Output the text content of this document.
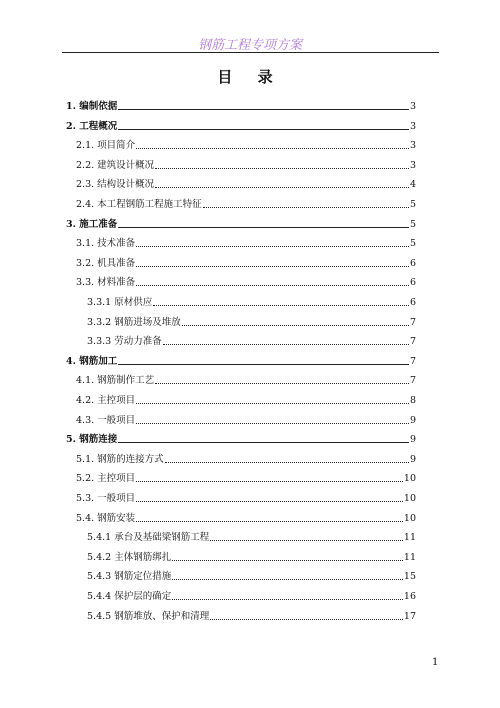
钢筋工程专项方案
目 录
1. 编制依据	3
2. 工程概况	3
2.1. 项目简介	3
2.2. 建筑设计概况	3
2.3. 结构设计概况	4
2.4. 本工程钢筋工程施工特征	5
3. 施工准备	5
3.1. 技术准备	5
3.2. 机具准备	6
3.3. 材料准备	6
3.3.1 原材供应	6
3.3.2 钢筋进场及堆放	7
3.3.3 劳动力准备	7
4. 钢筋加工	7
4.1. 钢筋制作工艺	7
4.2. 主控项目	8
4.3. 一般项目	9
5. 钢筋连接	9
5.1. 钢筋的连接方式	9
5.2. 主控项目	10
5.3. 一般项目	10
5.4. 钢筋安装	10
5.4.1 承台及基础梁钢筋工程	11
5.4.2 主体钢筋绑扎	11
5.4.3 钢筋定位措施	15
5.4.4 保护层的确定	16
5.4.5 钢筋堆放、保护和清理	17
1
